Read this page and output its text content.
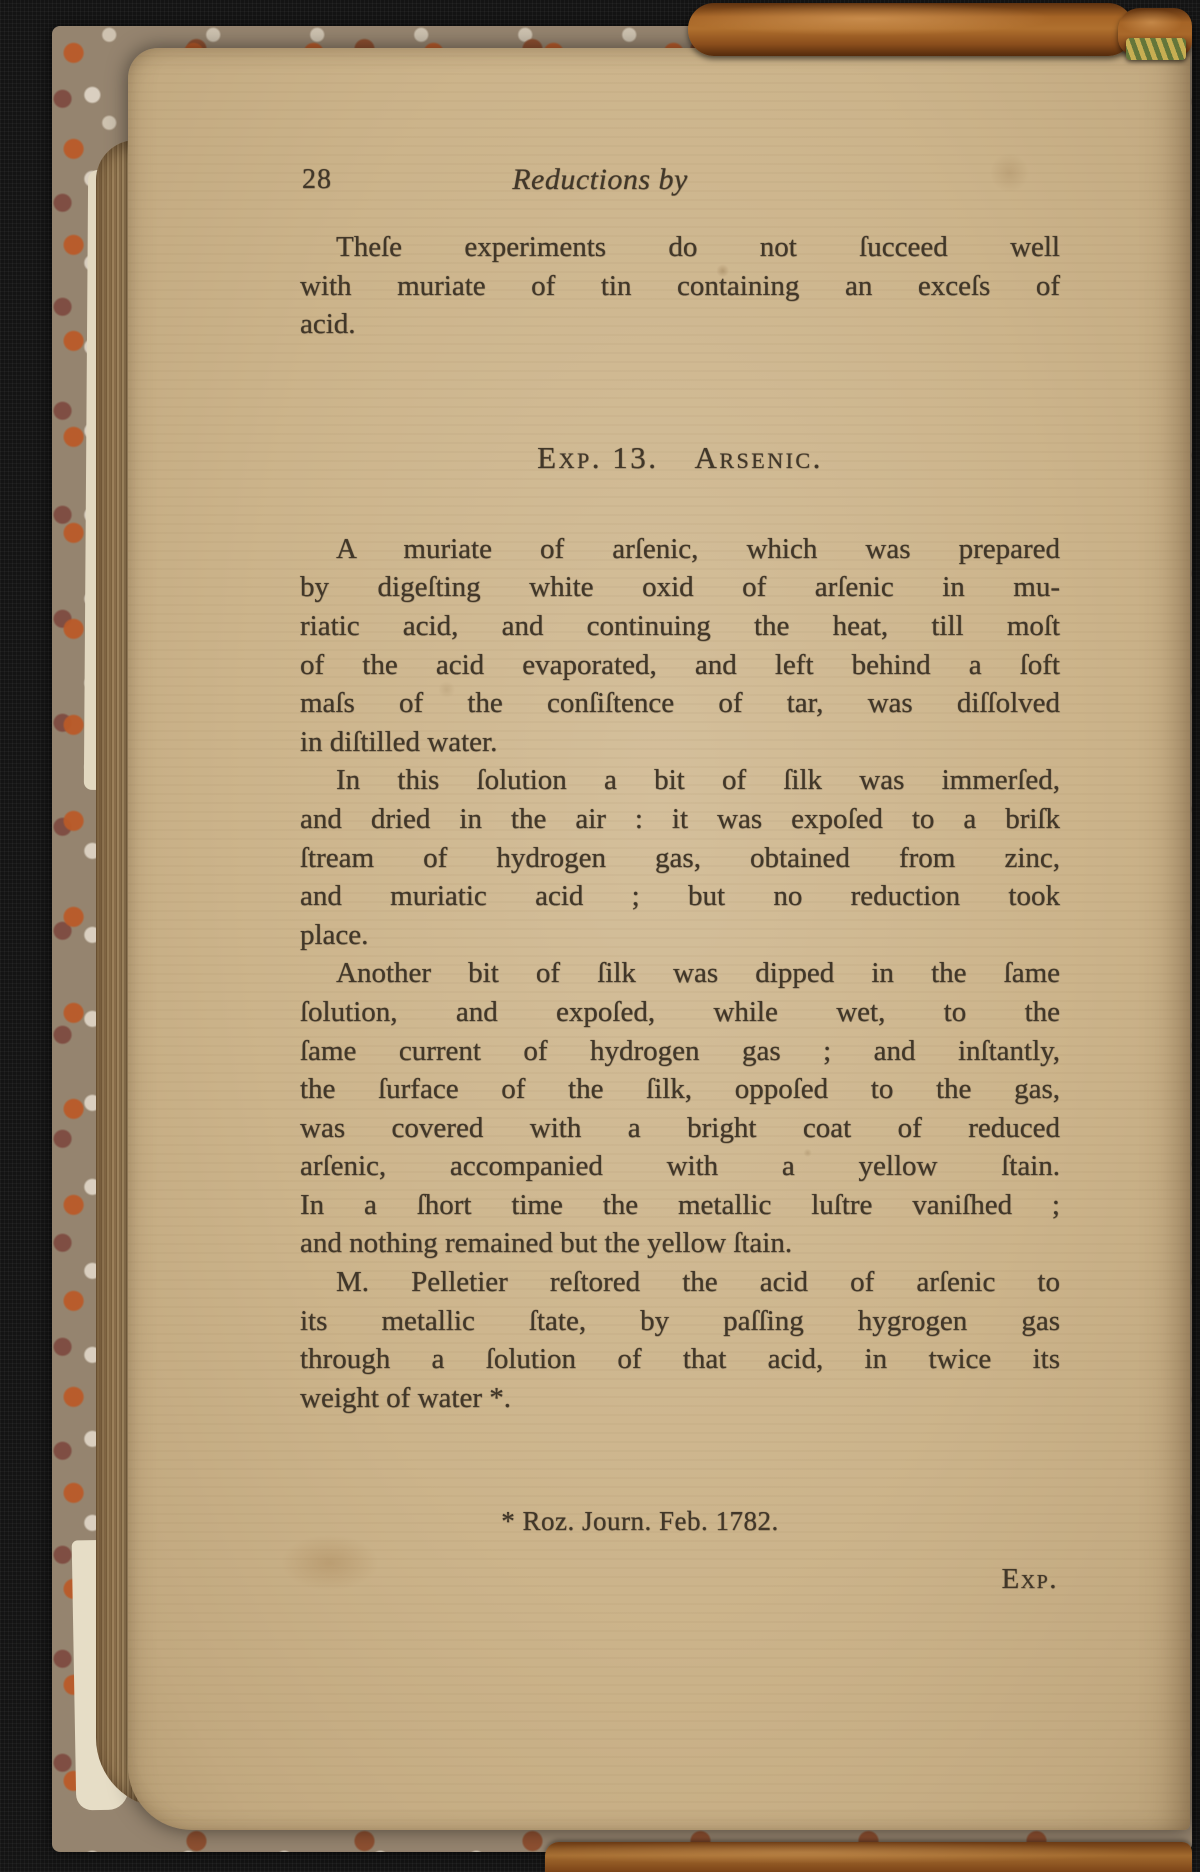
28	Reductions by
Theſe experiments do not ſucceed well
with muriate of tin containing an exceſs of
acid.
Exp. 13. Arsenic.
A muriate of arſenic, which was prepared
by digeſting white oxid of arſenic in mu-
riatic acid, and continuing the heat, till moſt
of the acid evaporated, and left behind a ſoft
maſs of the conſiſtence of tar, was diſſolved
in diſtilled water.
In this ſolution a bit of ſilk was immerſed,
and dried in the air : it was expoſed to a briſk
ſtream of hydrogen gas, obtained from zinc,
and muriatic acid ; but no reduction took
place.
Another bit of ſilk was dipped in the ſame
ſolution, and expoſed, while wet, to the
ſame current of hydrogen gas ; and inſtantly,
the ſurface of the ſilk, oppoſed to the gas,
was covered with a bright coat of reduced
arſenic, accompanied with a yellow ſtain.
In a ſhort time the metallic luſtre vaniſhed ;
and nothing remained but the yellow ſtain.
M. Pelletier reſtored the acid of arſenic to
its metallic ſtate, by paſſing hygrogen gas
through a ſolution of that acid, in twice its
weight of water *.
* Roz. Journ. Feb. 1782.
Exp.
